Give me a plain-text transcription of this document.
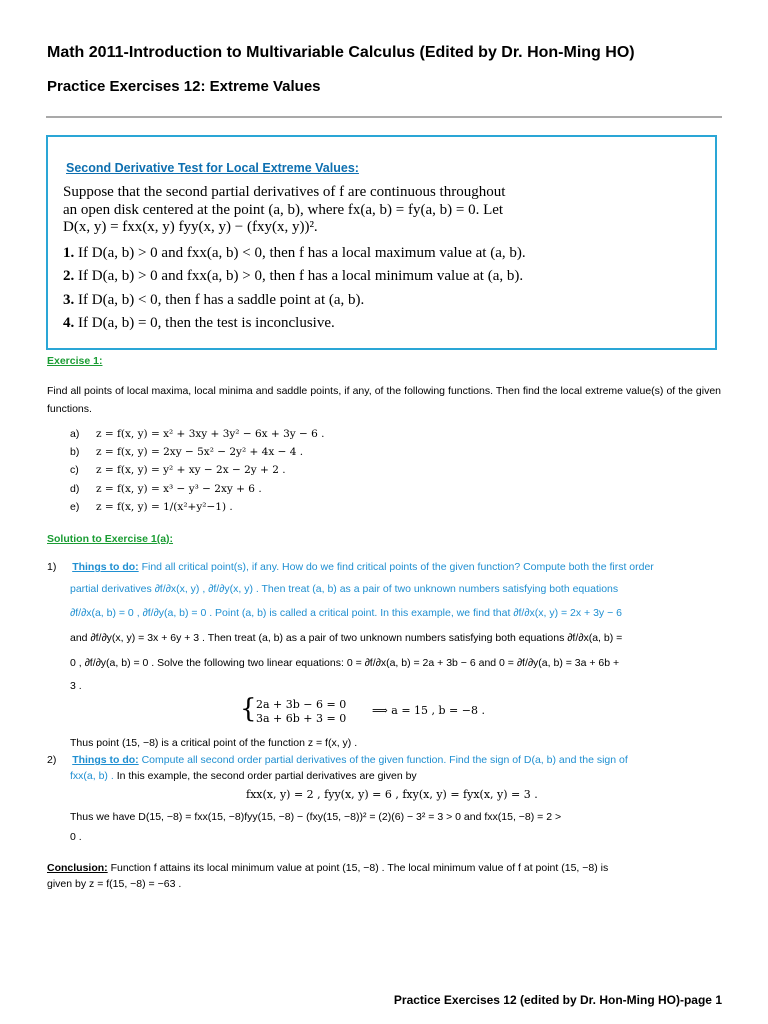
Math 2011-Introduction to Multivariable Calculus (Edited by Dr. Hon-Ming HO)
Practice Exercises 12: Extreme Values
Second Derivative Test for Local Extreme Values:
Suppose that the second partial derivatives of f are continuous throughout
an open disk centered at the point (a, b), where fx(a, b) = fy(a, b) = 0. Let
D(x, y) = fxx(x, y) fyy(x, y) − (fxy(x, y))².
1. If D(a, b) > 0 and fxx(a, b) < 0, then f has a local maximum value at (a, b).
2. If D(a, b) > 0 and fxx(a, b) > 0, then f has a local minimum value at (a, b).
3. If D(a, b) < 0, then f has a saddle point at (a, b).
4. If D(a, b) = 0, then the test is inconclusive.
Exercise 1:
Find all points of local maxima, local minima and saddle points, if any, of the following functions. Then find the local extreme value(s) of the given functions.
a) z = f(x, y) = x² + 3xy + 3y² − 6x + 3y − 6 .
b) z = f(x, y) = 2xy − 5x² − 2y² + 4x − 4 .
c) z = f(x, y) = y² + xy − 2x − 2y + 2 .
d) z = f(x, y) = x³ − y³ − 2xy + 6 .
e) z = f(x, y) = 1/(x²+y²−1) .
Solution to Exercise 1(a):
1) Things to do: Find all critical point(s), if any. How do we find critical points of the given function? Compute both the first order
partial derivatives ∂f/∂x(x, y) , ∂f/∂y(x, y) . Then treat (a, b) as a pair of two unknown numbers satisfying both equations
∂f/∂x(a, b) = 0 , ∂f/∂y(a, b) = 0 . Point (a, b) is called a critical point. In this example, we find that ∂f/∂x(x, y) = 2x + 3y − 6
and ∂f/∂y(x, y) = 3x + 6y + 3 . Then treat (a, b) as a pair of two unknown numbers satisfying both equations ∂f/∂x(a, b) =
0 , ∂f/∂y(a, b) = 0 . Solve the following two linear equations: 0 = ∂f/∂x(a, b) = 2a + 3b − 6 and 0 = ∂f/∂y(a, b) = 3a + 6b +
3 .
{ 2a + 3b − 6 = 0
3a + 6b + 3 = 0
⟹ a = 15 , b = −8 .
Thus point (15, −8) is a critical point of the function z = f(x, y) .
2) Things to do: Compute all second order partial derivatives of the given function. Find the sign of D(a, b) and the sign of
fxx(a, b) . In this example, the second order partial derivatives are given by
fxx(x, y) = 2 , fyy(x, y) = 6 , fxy(x, y) = fyx(x, y) = 3 .
Thus we have D(15, −8) = fxx(15, −8)fyy(15, −8) − (fxy(15, −8))² = (2)(6) − 3² = 3 > 0 and fxx(15, −8) = 2 >
0 .
Conclusion: Function f attains its local minimum value at point (15, −8) . The local minimum value of f at point (15, −8) is
given by z = f(15, −8) = −63 .
Practice Exercises 12 (edited by Dr. Hon-Ming HO)-page 1
